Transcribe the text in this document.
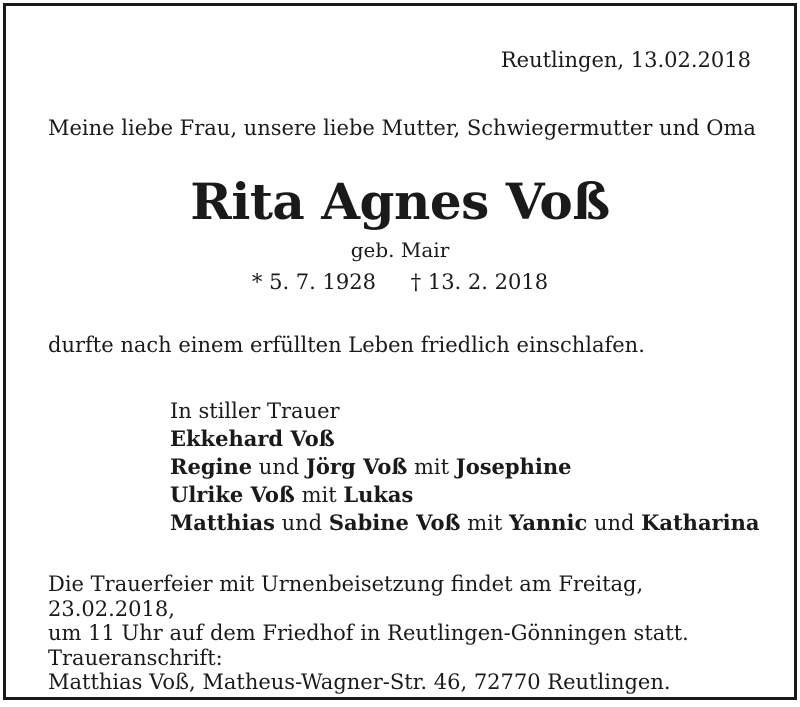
Reutlingen, 13.02.2018
Meine liebe Frau, unsere liebe Mutter, Schwiegermutter und Oma
Rita Agnes Voß
geb. Mair
* 5. 7. 1928 † 13. 2. 2018
durfte nach einem erfüllten Leben friedlich einschlafen.
In stiller Trauer
Ekkehard Voß
Regine und Jörg Voß mit Josephine
Ulrike Voß mit Lukas
Matthias und Sabine Voß mit Yannic und Katharina
Die Trauerfeier mit Urnenbeisetzung findet am Freitag, 23.02.2018,
um 11 Uhr auf dem Friedhof in Reutlingen-Gönningen statt.
Traueranschrift:
Matthias Voß, Matheus-Wagner-Str. 46, 72770 Reutlingen.
